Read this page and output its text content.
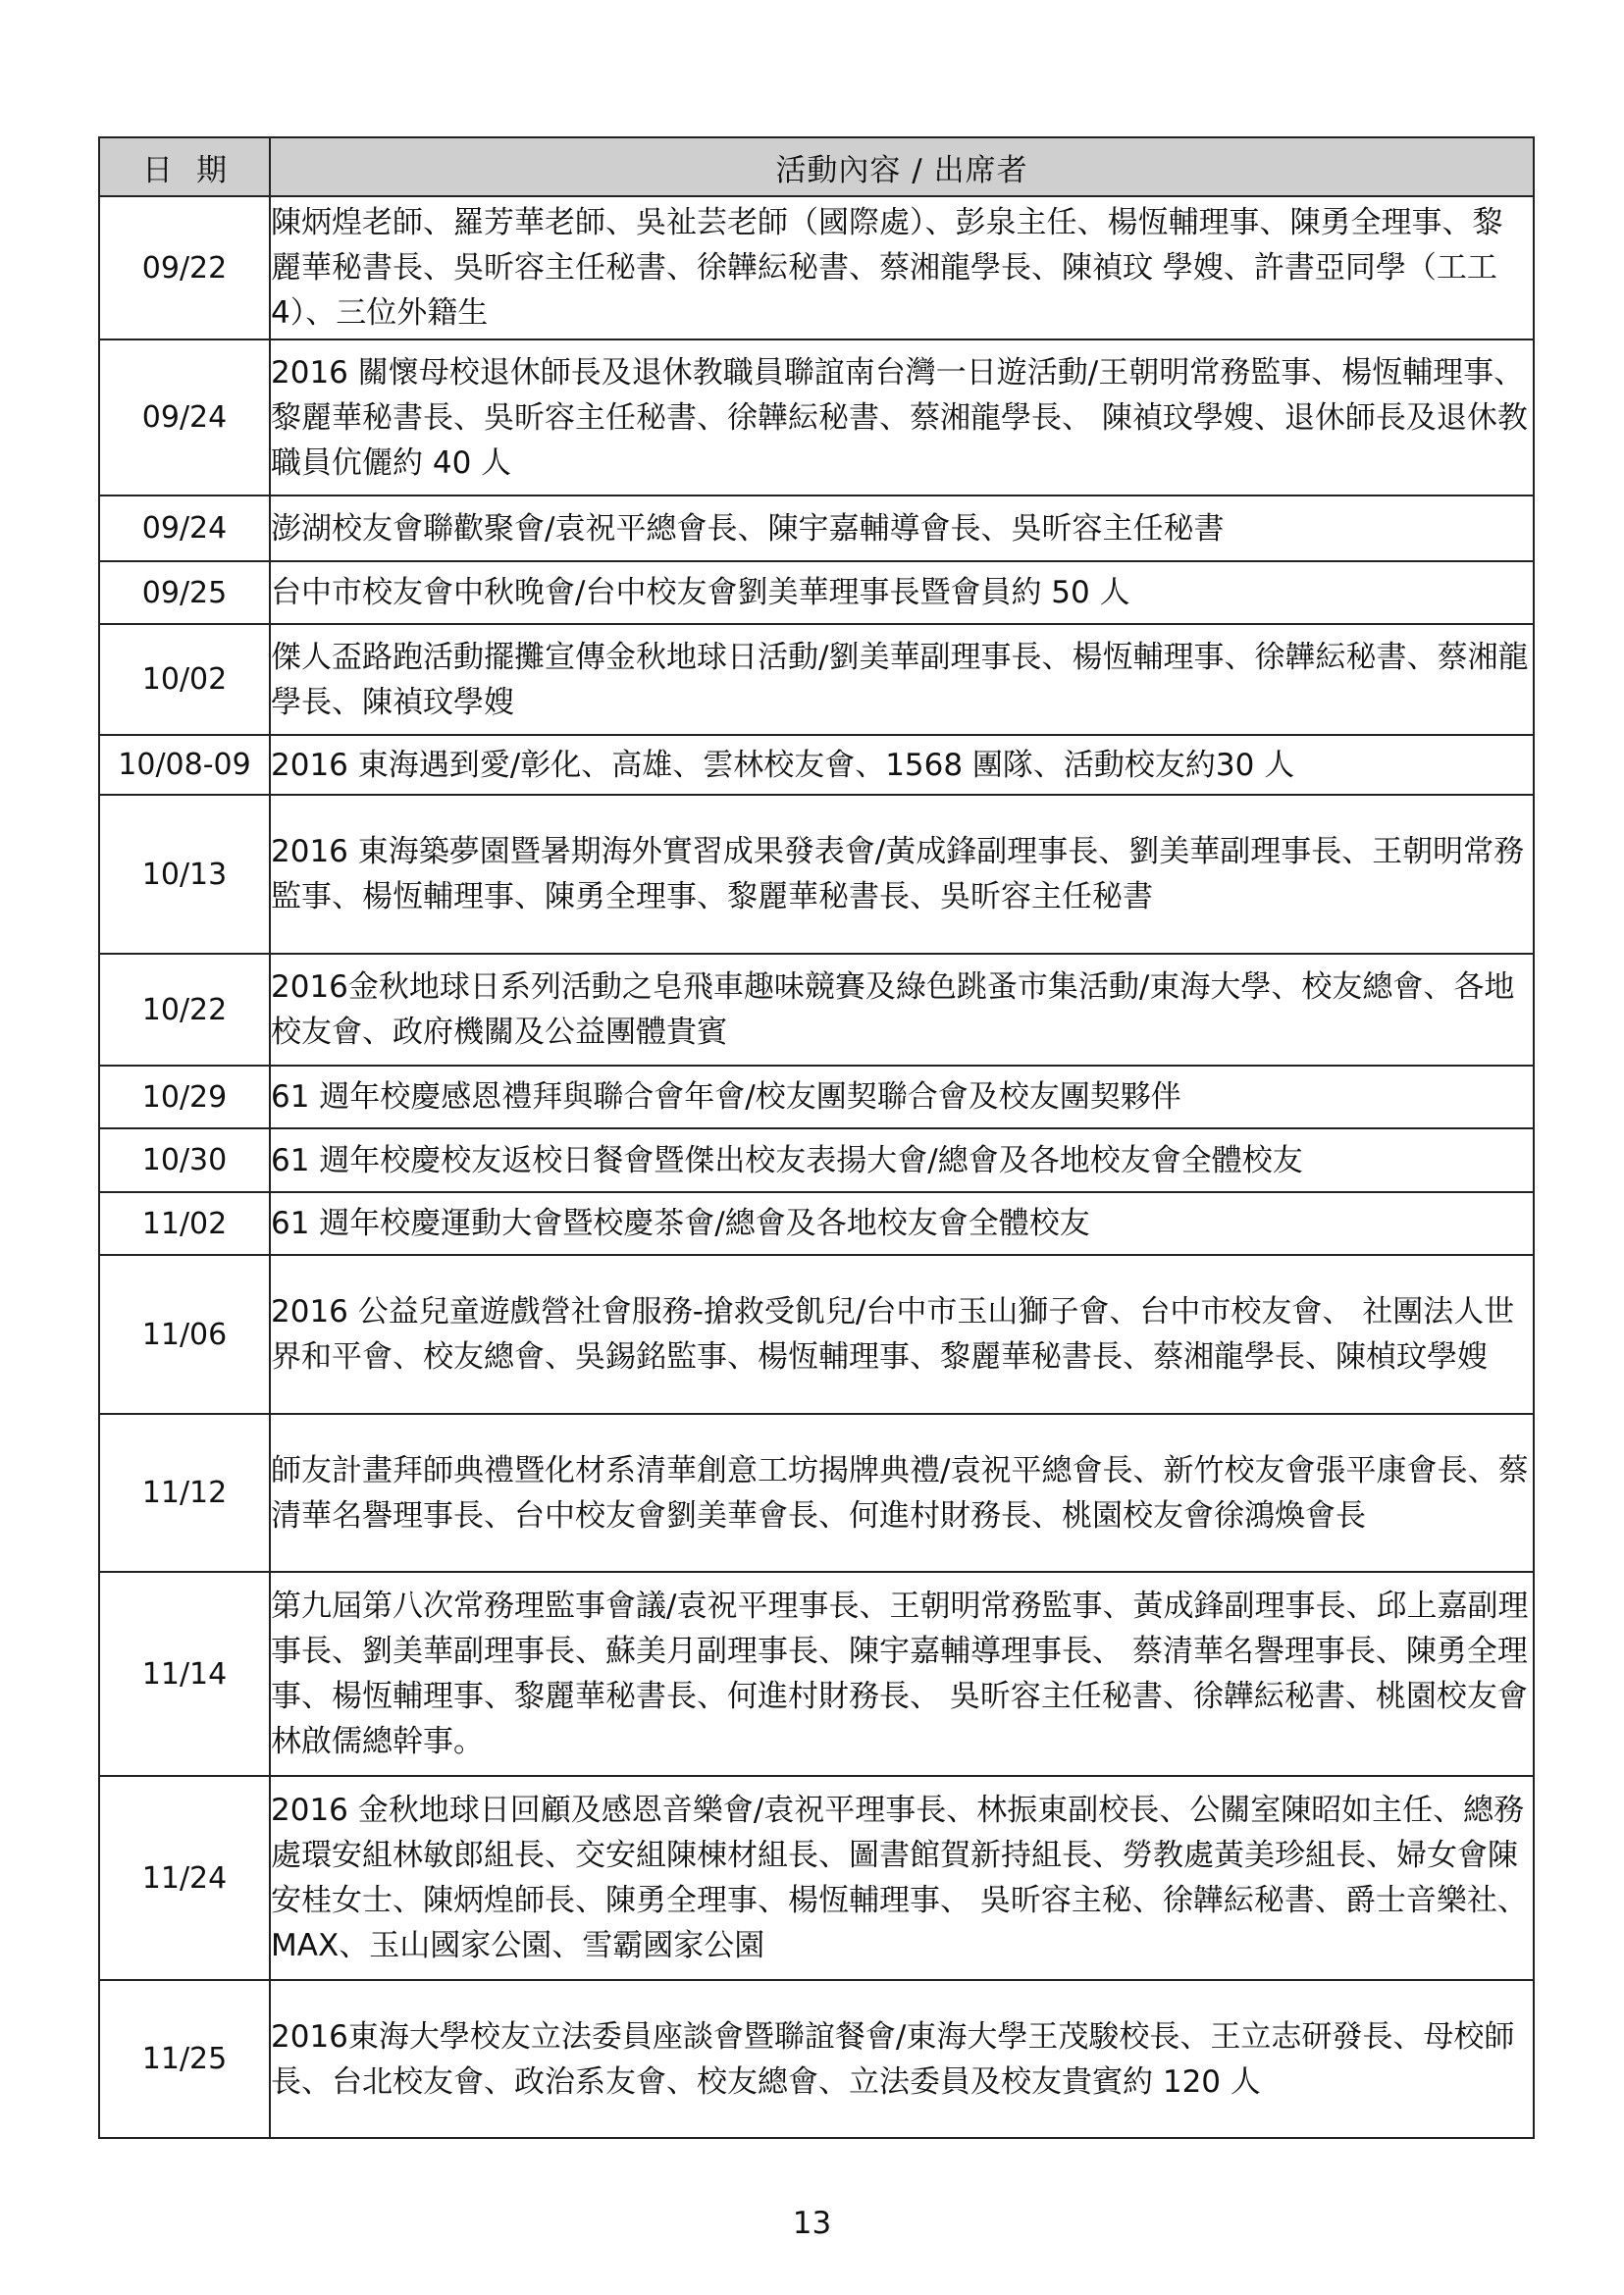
日期	活動內容 / 出席者
09/22	陳炳煌老師、羅芳華老師、吳祉芸老師（國際處）、彭泉主任、楊恆輔理事、陳勇全理事、黎麗華秘書長、吳昕容主任秘書、徐韡紜秘書、蔡湘龍學長、陳禎玟 學嫂、許書亞同學（工工 4）、三位外籍生
09/24	2016 關懷母校退休師長及退休教職員聯誼南台灣一日遊活動/王朝明常務監事、楊恆輔理事、黎麗華秘書長、吳昕容主任秘書、徐韡紜秘書、蔡湘龍學長、 陳禎玟學嫂、退休師長及退休教職員伉儷約 40 人
09/24	澎湖校友會聯歡聚會/袁祝平總會長、陳宇嘉輔導會長、吳昕容主任秘書
09/25	台中市校友會中秋晚會/台中校友會劉美華理事長暨會員約 50 人
10/02	傑人盃路跑活動擺攤宣傳金秋地球日活動/劉美華副理事長、楊恆輔理事、徐韡紜秘書、蔡湘龍學長、陳禎玟學嫂
10/08-09	2016 東海遇到愛/彰化、高雄、雲林校友會、1568 團隊、活動校友約30 人
10/13	2016 東海築夢園暨暑期海外實習成果發表會/黃成鋒副理事長、劉美華副理事長、王朝明常務監事、楊恆輔理事、陳勇全理事、黎麗華秘書長、吳昕容主任秘書
10/22	2016金秋地球日系列活動之皂飛車趣味競賽及綠色跳蚤市集活動/東海大學、校友總會、各地校友會、政府機關及公益團體貴賓
10/29	61 週年校慶感恩禮拜與聯合會年會/校友團契聯合會及校友團契夥伴
10/30	61 週年校慶校友返校日餐會暨傑出校友表揚大會/總會及各地校友會全體校友
11/02	61 週年校慶運動大會暨校慶茶會/總會及各地校友會全體校友
11/06	2016 公益兒童遊戲營社會服務-搶救受飢兒/台中市玉山獅子會、台中市校友會、 社團法人世界和平會、校友總會、吳錫銘監事、楊恆輔理事、黎麗華秘書長、蔡湘龍學長、陳楨玟學嫂
11/12	師友計畫拜師典禮暨化材系清華創意工坊揭牌典禮/袁祝平總會長、新竹校友會張平康會長、蔡清華名譽理事長、台中校友會劉美華會長、何進村財務長、桃園校友會徐鴻煥會長
11/14	第九屆第八次常務理監事會議/袁祝平理事長、王朝明常務監事、黃成鋒副理事長、邱上嘉副理事長、劉美華副理事長、蘇美月副理事長、陳宇嘉輔導理事長、 蔡清華名譽理事長、陳勇全理事、楊恆輔理事、黎麗華秘書長、何進村財務長、 吳昕容主任秘書、徐韡紜秘書、桃園校友會林啟儒總幹事。
11/24	2016 金秋地球日回顧及感恩音樂會/袁祝平理事長、林振東副校長、公關室陳昭如主任、總務處環安組林敏郎組長、交安組陳棟材組長、圖書館賀新持組長、勞教處黃美珍組長、婦女會陳安桂女士、陳炳煌師長、陳勇全理事、楊恆輔理事、 吳昕容主秘、徐韡紜秘書、爵士音樂社、MAX、玉山國家公園、雪霸國家公園
11/25	2016東海大學校友立法委員座談會暨聯誼餐會/東海大學王茂駿校長、王立志研發長、母校師長、台北校友會、政治系友會、校友總會、立法委員及校友貴賓約 120 人
13
